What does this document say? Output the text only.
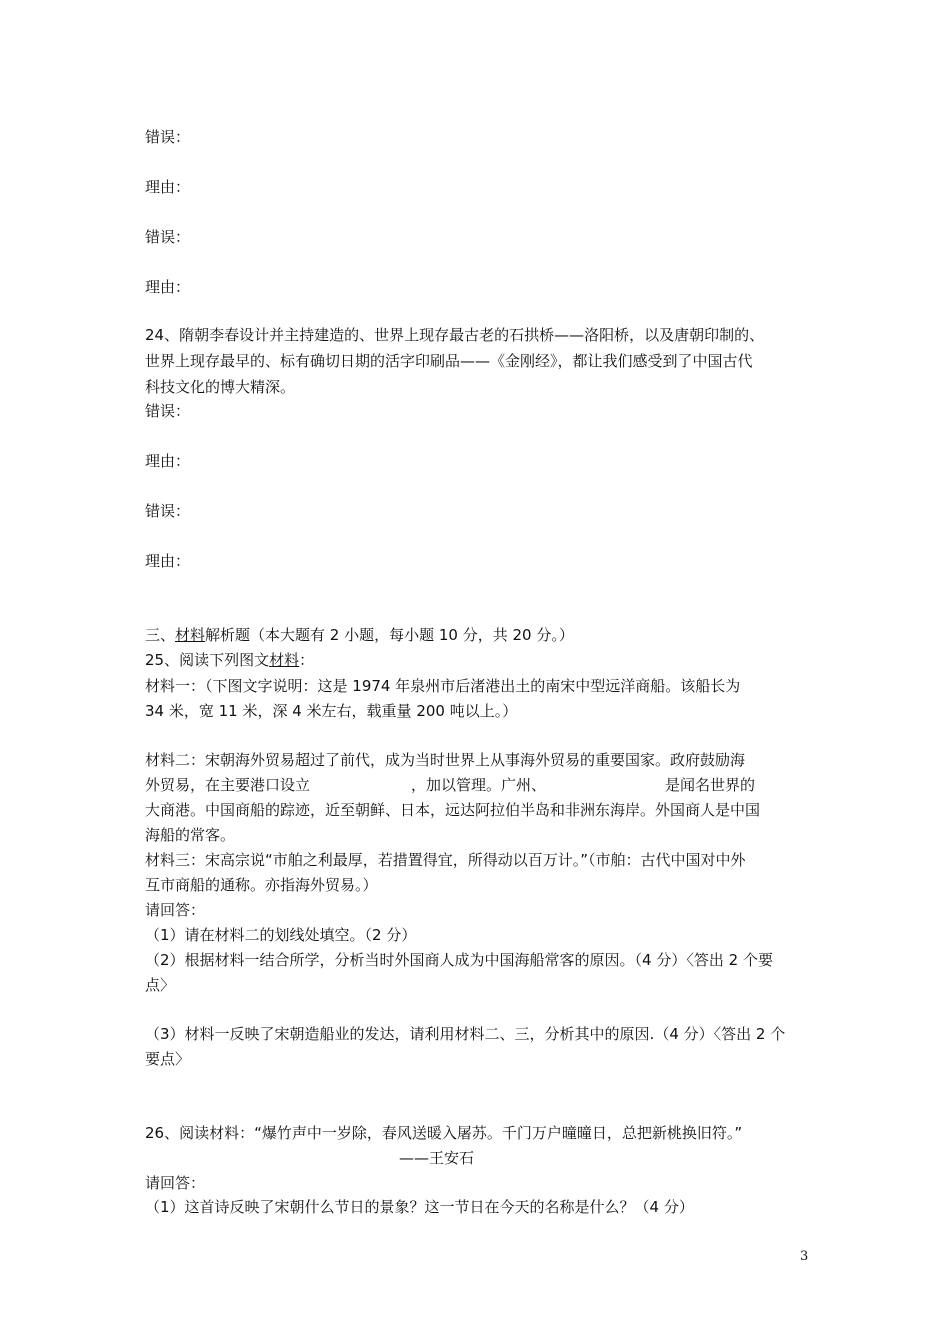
错误：
理由：
错误：
理由：
24、隋朝李春设计并主持建造的、世界上现存最古老的石拱桥——洛阳桥，以及唐朝印制的、
世界上现存最早的、标有确切日期的活字印刷品——《金刚经》，都让我们感受到了中国古代
科技文化的博大精深。
错误：
理由：
错误：
理由：
三、材料解析题（本大题有 2 小题，每小题 10 分，共 20 分。）
25、阅读下列图文材料：
材料一：（下图文字说明：这是 1974 年泉州市后渚港出土的南宋中型远洋商船。该船长为
34 米，宽 11 米，深 4 米左右，载重量 200 吨以上。）
材料二：宋朝海外贸易超过了前代，成为当时世界上从事海外贸易的重要国家。政府鼓励海
外贸易，在主要港口设立	，加以管理。广州、	是闻名世界的
大商港。中国商船的踪迹，近至朝鲜、日本，远达阿拉伯半岛和非洲东海岸。外国商人是中国
海船的常客。
材料三：宋高宗说“市舶之利最厚，若措置得宜，所得动以百万计。”（市舶：古代中国对中外
互市商船的通称。亦指海外贸易。）
请回答：
（1）请在材料二的划线处填空。（2 分）
（2）根据材料一结合所学，分析当时外国商人成为中国海船常客的原因。（4 分）〈答出 2 个要
点〉
（3）材料一反映了宋朝造船业的发达，请利用材料二、三，分析其中的原因.（4 分）〈答出 2 个
要点〉
26、阅读材料：“爆竹声中一岁除，春风送暖入屠苏。千门万户曈曈日，总把新桃换旧符。”
——王安石
请回答：
（1）这首诗反映了宋朝什么节日的景象？这一节日在今天的名称是什么？（4 分）
3
